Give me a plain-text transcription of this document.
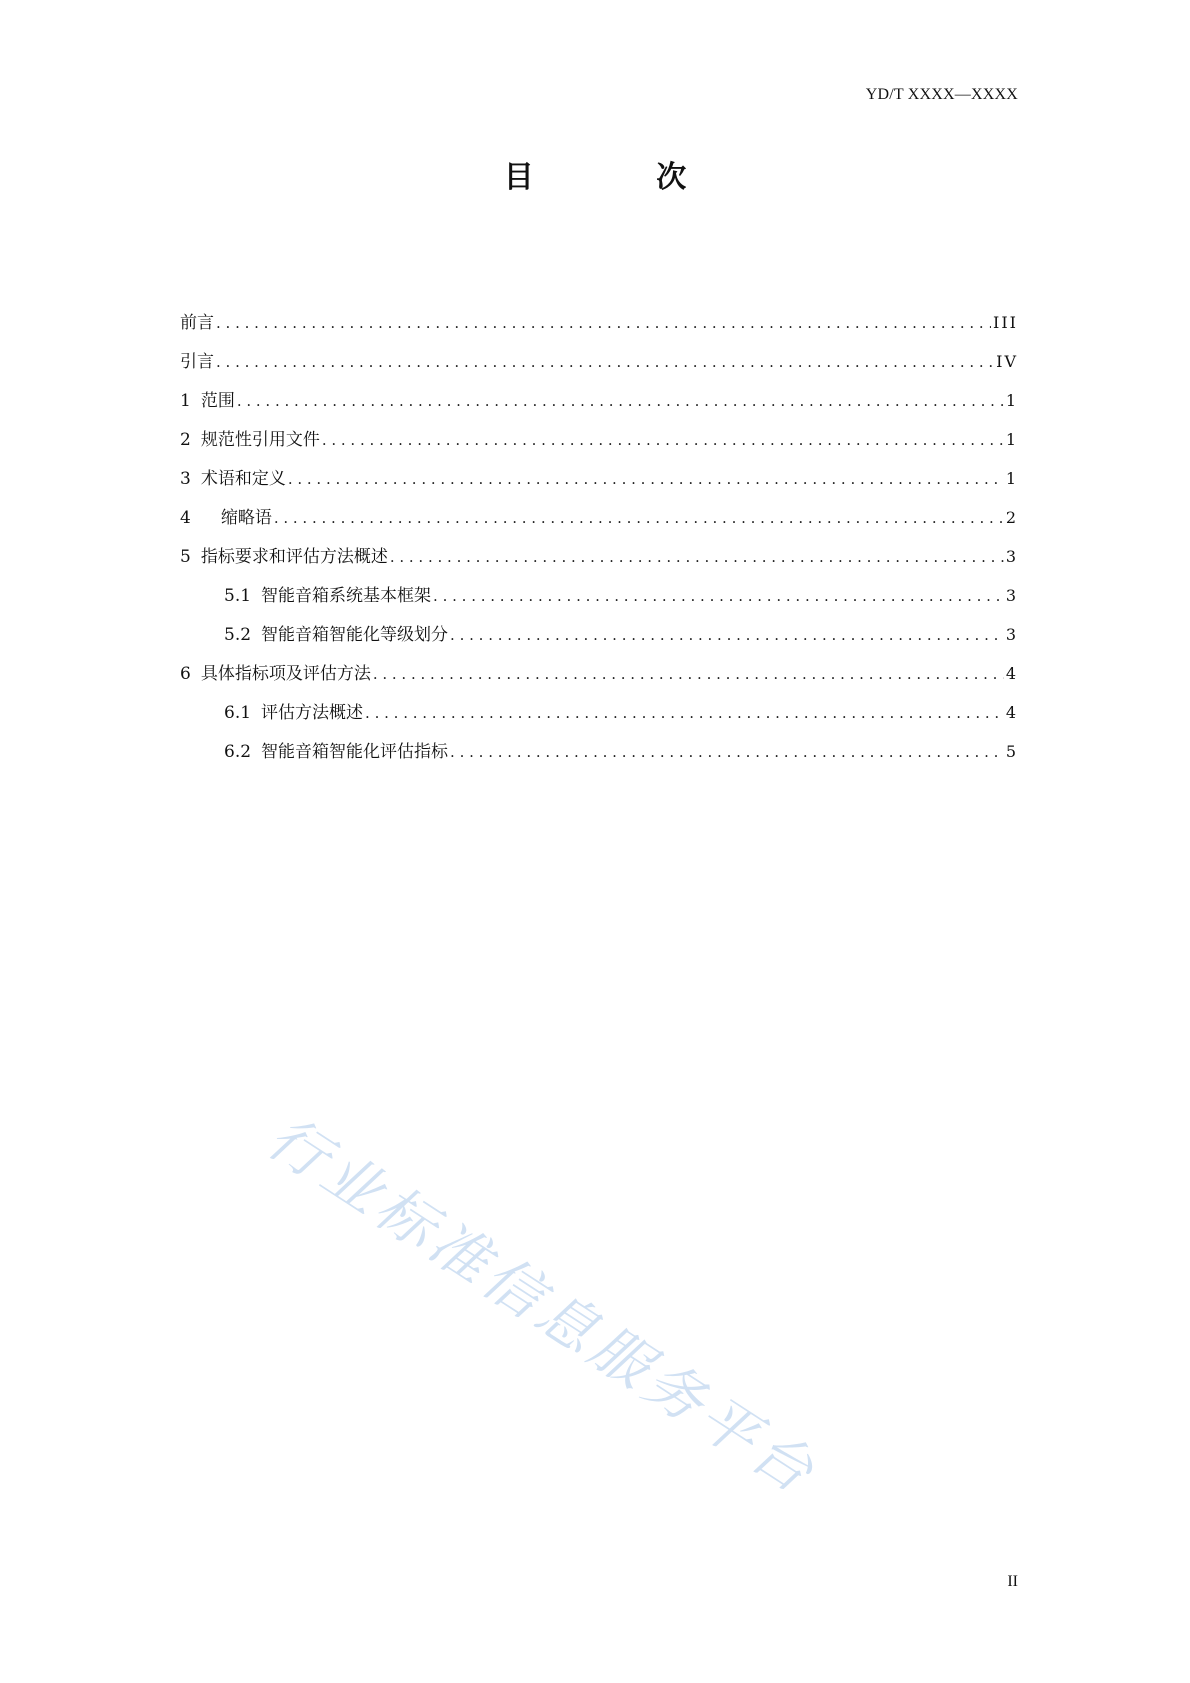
YD/T XXXX—XXXX
目 次
前言 . . .	III
引言 . . .	IV
1 范围 . . .	1
2 规范性引用文件 . . .	1
3 术语和定义 . . .	1
4 缩略语 . . .	2
5 指标要求和评估方法概述 . . .	3
5.1 智能音箱系统基本框架 . . .	3
5.2 智能音箱智能化等级划分 . . .	3
6 具体指标项及评估方法 . . .	4
6.1 评估方法概述 . . .	4
6.2 智能音箱智能化评估指标 . . .	5
行业标准信息服务平台
II
